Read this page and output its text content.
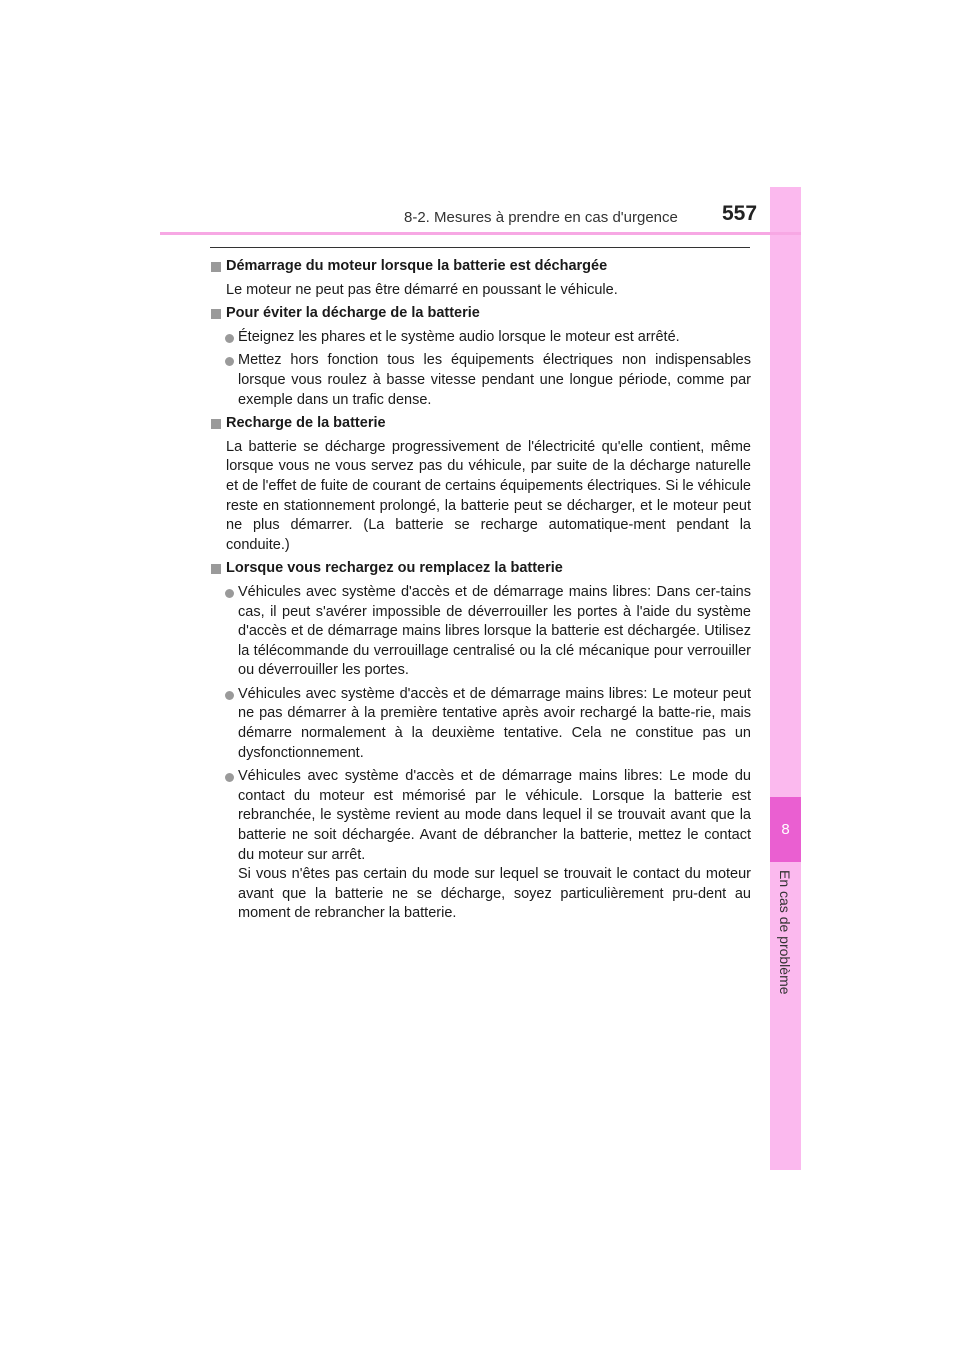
8
En cas de problème
8-2. Mesures à prendre en cas d'urgence 557
Démarrage du moteur lorsque la batterie est déchargée

Le moteur ne peut pas être démarré en poussant le véhicule.

Pour éviter la décharge de la batterie
Éteignez les phares et le système audio lorsque le moteur est arrêté.
Mettez hors fonction tous les équipements électriques non indispensables lorsque vous roulez à basse vitesse pendant une longue période, comme par exemple dans un trafic dense.
Recharge de la batterie

La batterie se décharge progressivement de l'électricité qu'elle contient, même lorsque vous ne vous servez pas du véhicule, par suite de la décharge naturelle et de l'effet de fuite de courant de certains équipements électriques. Si le véhicule reste en stationnement prolongé, la batterie peut se décharger, et le moteur peut ne plus démarrer. (La batterie se recharge automatique-ment pendant la conduite.)

Lorsque vous rechargez ou remplacez la batterie
Véhicules avec système d'accès et de démarrage mains libres: Dans cer-tains cas, il peut s'avérer impossible de déverrouiller les portes à l'aide du système d'accès et de démarrage mains libres lorsque la batterie est déchargée. Utilisez la télécommande du verrouillage centralisé ou la clé mécanique pour verrouiller ou déverrouiller les portes.
Véhicules avec système d'accès et de démarrage mains libres: Le moteur peut ne pas démarrer à la première tentative après avoir rechargé la batte-rie, mais démarre normalement à la deuxième tentative. Cela ne constitue pas un dysfonctionnement.
Véhicules avec système d'accès et de démarrage mains libres: Le mode du contact du moteur est mémorisé par le véhicule. Lorsque la batterie est rebranchée, le système revient au mode dans lequel il se trouvait avant que la batterie ne soit déchargée. Avant de débrancher la batterie, mettez le contact du moteur sur arrêt.
Si vous n'êtes pas certain du mode sur lequel se trouvait le contact du moteur avant que la batterie ne se décharge, soyez particulièrement pru-dent au moment de rebrancher la batterie.
